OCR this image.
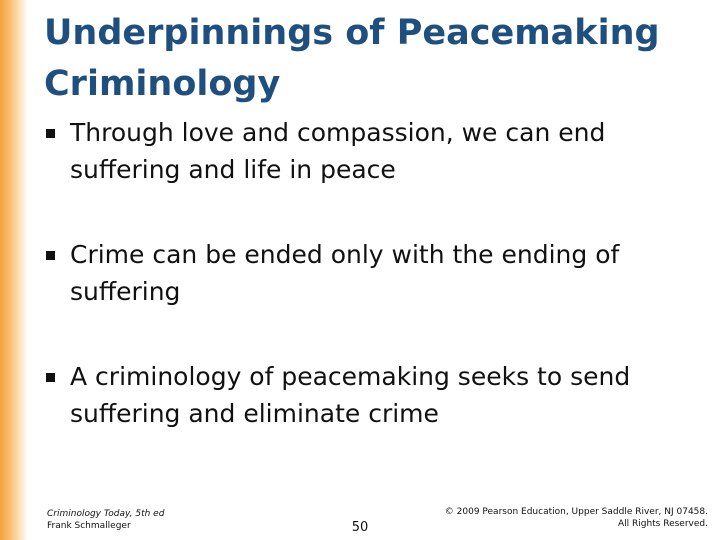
Underpinnings of Peacemaking Criminology
Through love and compassion, we can end suffering and life in peace
Crime can be ended only with the ending of suffering
A criminology of peacemaking seeks to send suffering and eliminate crime
Criminology Today, 5th ed
Frank Schmalleger	50
© 2009 Pearson Education, Upper Saddle River, NJ 07458.
All Rights Reserved.
